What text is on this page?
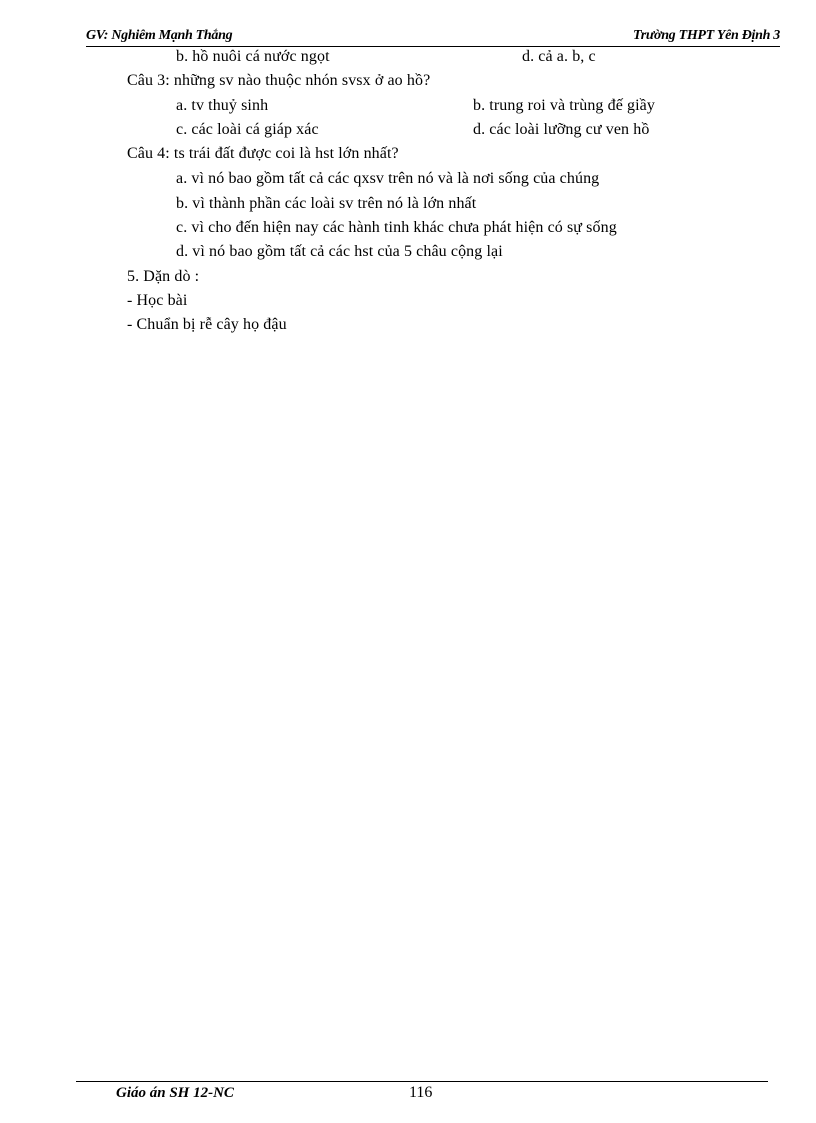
GV: Nghiêm Mạnh Thắng	Trường THPT Yên Định 3
b. hồ nuôi cá nước ngọt	d. cả a. b, c
Câu 3: những sv nào thuộc nhón svsx ở ao hồ?
a. tv thuỷ sinh	b. trung roi và trùng đế giầy
c. các loài cá giáp xác	d. các loài lưỡng cư ven hồ
Câu 4: ts trái đất được coi là hst lớn nhất?
a. vì nó bao gồm tất cả các qxsv trên nó và là nơi sống của chúng
b. vì thành phần các loài sv trên nó là lớn nhất
c. vì cho đến hiện nay các hành tinh khác chưa phát hiện có sự sống
d. vì nó bao gồm tất cả các hst của 5 châu cộng lại
5. Dặn dò :
- Học bài
- Chuẩn bị rễ cây họ đậu
Giáo án SH 12-NC	116
